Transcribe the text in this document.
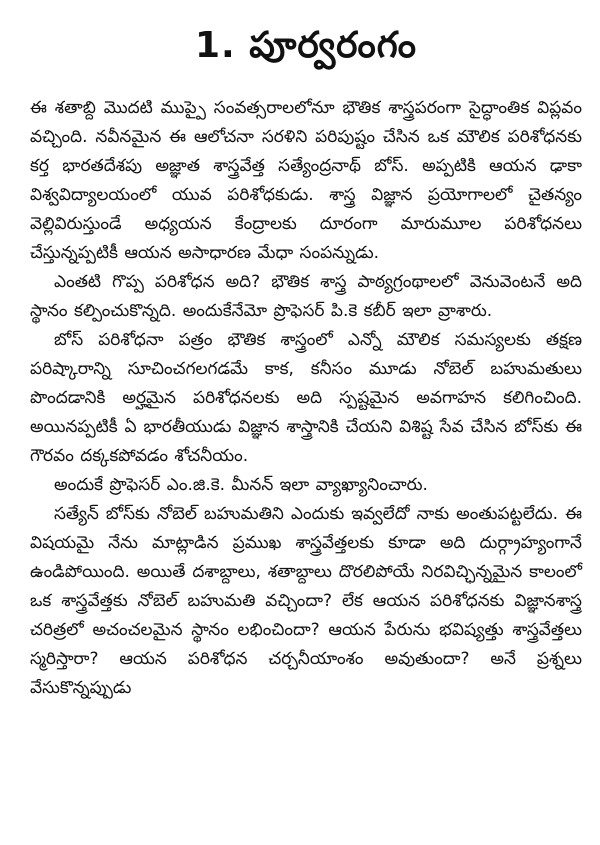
1. పూర్వరంగం

ఈ శతాబ్ది మొదటి ముప్పై సంవత్సరాలలోనూ భౌతిక శాస్త్రపరంగా సైద్ధాంతిక విప్లవం వచ్చింది. నవీనమైన ఈ ఆలోచనా సరళిని పరిపుష్టం చేసిన ఒక మౌలిక పరిశోధనకు కర్త భారతదేశపు అజ్ఞాత శాస్త్రవేత్త సత్యేంద్రనాథ్ బోస్. అప్పటికి ఆయన ఢాకా విశ్వవిద్యాలయంలో యువ పరిశోధకుడు. శాస్త్ర విజ్ఞాన ప్రయోగాలలో చైతన్యం వెల్లివిరుస్తుండే అధ్యయన కేంద్రాలకు దూరంగా మారుమూల పరిశోధనలు చేస్తున్నప్పటికీ ఆయన అసాధారణ మేధా సంపన్నుడు.

ఎంతటి గొప్ప పరిశోధన అది? భౌతిక శాస్త్ర పాఠ్యగ్రంథాలలో వెనువెంటనే అది స్థానం కల్పించుకొన్నది. అందుకేనేమో ప్రొఫెసర్ పి.కె కబీర్ ఇలా వ్రాశారు.

బోస్ పరిశోధనా పత్రం భౌతిక శాస్త్రంలో ఎన్నో మౌలిక సమస్యలకు తక్షణ పరిష్కారాన్ని సూచించగలగడమే కాక, కనీసం మూడు నోబెల్ బహుమతులు పొందడానికి అర్హమైన పరిశోధనలకు అది స్పష్టమైన అవగాహన కలిగించింది. అయినప్పటికీ ఏ భారతీయుడు విజ్ఞాన శాస్త్రానికి చేయని విశిష్ట సేవ చేసిన బోస్‌కు ఈ గౌరవం దక్కకపోవడం శోచనీయం.

అందుకే ప్రొఫెసర్ ఎం.జి.కె. మీనన్ ఇలా వ్యాఖ్యానించారు.

సత్యేన్ బోస్‌కు నోబెల్ బహుమతిని ఎందుకు ఇవ్వలేదో నాకు అంతుపట్టలేదు. ఈ విషయమై నేను మాట్లాడిన ప్రముఖ శాస్త్రవేత్తలకు కూడా అది దుర్గ్రాహ్యంగానే ఉండిపోయింది. అయితే దశాబ్దాలు, శతాబ్దాలు దొరలిపోయే నిరవిచ్ఛిన్నమైన కాలంలో ఒక శాస్త్రవేత్తకు నోబెల్ బహుమతి వచ్చిందా? లేక ఆయన పరిశోధనకు విజ్ఞానశాస్త్ర చరిత్రలో అచంచలమైన స్థానం లభించిందా? ఆయన పేరును భవిష్యత్తు శాస్త్రవేత్తలు స్మరిస్తారా? ఆయన పరిశోధన చర్చనీయాంశం అవుతుందా? అనే ప్రశ్నలు వేసుకొన్నప్పుడు
